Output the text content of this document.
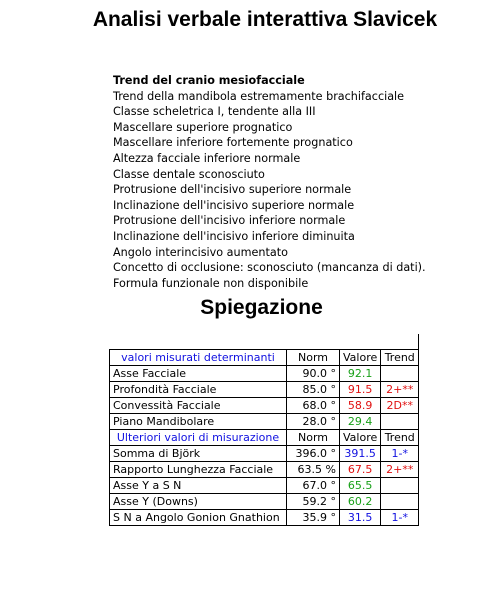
Analisi verbale interattiva Slavicek
Trend del cranio mesiofacciale
Trend della mandibola estremamente brachifacciale
Classe scheletrica I, tendente alla III
Mascellare superiore prognatico
Mascellare inferiore fortemente prognatico
Altezza facciale inferiore normale
Classe dentale sconosciuto
Protrusione dell'incisivo superiore normale
Inclinazione dell'incisivo superiore normale
Protrusione dell'incisivo inferiore normale
Inclinazione dell'incisivo inferiore diminuita
Angolo interincisivo aumentato
Concetto di occlusione: sconosciuto (mancanza di dati).
Formula funzionale non disponibile
Spiegazione

valori misurati determinanti	Norm	Valore	Trend
Asse Facciale	90.0 °	92.1	
Profondità Facciale	85.0 °	91.5	2+**
Convessità Facciale	68.0 °	58.9	2D**
Piano Mandibolare	28.0 °	29.4	
Ulteriori valori di misurazione	Norm	Valore	Trend
Somma di Björk	396.0 °	391.5	1-*
Rapporto Lunghezza Facciale	63.5 %	67.5	2+**
Asse Y a S N	67.0 °	65.5	
Asse Y (Downs)	59.2 °	60.2	
S N a Angolo Gonion Gnathion	35.9 °	31.5	1-*
